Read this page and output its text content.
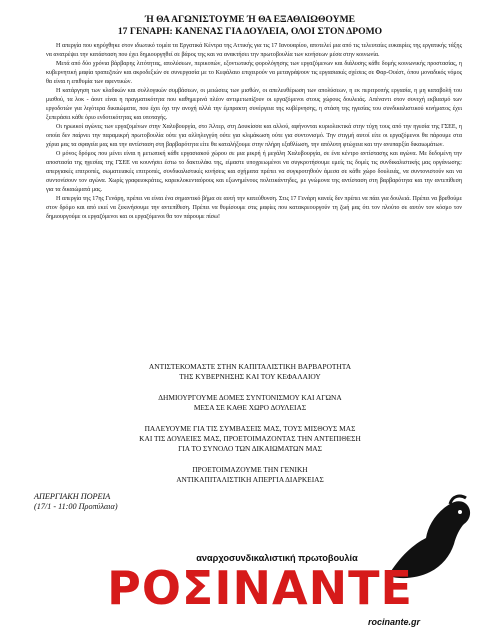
Ή ΘΑ ΑΓΩΝΙΣΤΟΥΜΕ Ή ΘΑ ΕΞΑΘΛΙΩΘΟΥΜΕ
17 ΓΕΝΑΡΗ: ΚΑΝΕΝΑΣ ΓΙΑ ΔΟΥΛΕΙΑ, ΟΛΟΙ ΣΤΟΝ ΔΡΟΜΟ

Η απεργία που κηρύχθηκε στον ιδιωτικό τομέα τα Εργατικά Κέντρα της Αττικής για τις 17 Ιανουαρίου, αποτελεί μια από τις τελευταίες ευκαιρίες της εργατικής τάξης να ανατρέψει την κατάσταση που έχει δημιουργηθεί σε βάρος της και να ανακτήσει την πρωτοβουλία των κινήσεων μέσα στην κοινωνία.

Μετά από δύο χρόνια βάρβαρης λιτότητας, απολύσεων, περικοπών, εξοντωτικής φορολόγησης των εργαζόμενων και διάλυσης κάθε δομής κοινωνικής προστασίας, η κυβερνητική μαφία τραπεζιτών και ακροδεξιών σε συνεργασία με το Κεφάλαιο επιχειρούν να μεταγράψουν τις εργασιακές σχέσεις σε Φαρ-Ουέστ, όπου μοναδικός νόμος θα είναι η επιθυμία των αφεντικών.

Η κατάργηση των κλαδικών και συλλογικών συμβάσεων, οι μειώσεις των μισθών, οι απελευθέρωση των απολύσεων, η εκ περιτροπής εργασία, η μη καταβολή του μισθού, τα λοκ - άουτ είναι η πραγματικότητα που καθημερινά πλέον αντιμετωπίζουν οι εργαζόμενοι στους χώρους δουλειάς. Απέναντι στον συνεχή εκβιασμό των εργοδοτών για λιγότερα δικαιώματα, που έχει όχι την ανοχή αλλά την έμπρακτη συνέργεια της κυβέρνησης, η στάση της ηγεσίας του συνδικαλιστικού κινήματος έχει ξεπεράσει κάθε όριο ενδοτικότητας και υποταγής.

Οι ηρωικοί αγώνες των εργαζομένων στην Χαλυβουργία, στο Άλτερ, στη Δουκίσσα και αλλού, αφήνονται κυριολεκτικά στην τύχη τους από την ηγεσία της ΓΣΕΕ, η οποία δεν παίρνει την παραμικρή πρωτοβουλία ούτε για αλληλεγγύη ούτε για κλιμάκωση ούτε για συντονισμό. Την στιγμή αυτοί είτε οι εργαζόμενοι θα πάρουμε στα χέρια μας τα σφαγεία μας και την αντίσταση στη βαρβαρότητα είτε θα καταλήξουμε στην πλήρη εξαθλίωση, την απόλυτη φτώχεια και την ανυπαρξία δικαιωμάτων.

Ο μόνος δρόμος που μένει είναι η μετωπική κάθε εργασιακού χώρου σε μια μικρή ή μεγάλη Χαλυβουργία, σε ένα κέντρο αντίστασης και αγώνα. Με δεδομένη την αποστασία της ηγεσίας της ΓΣΕΕ να κουνήσει έστω το δακτυλάκι της, είμαστε υποχρεωμένοι να συγκροτήσουμε εμείς τις δομές τις συνδικαλιστικής μας οργάνωσης: απεργιακές επιτροπές, σωματειακές επιτροπές, συνδικαλιστικές κινήσεις και σχήματα πρέπει να συγκροτηθούν άμεσα σε κάθε χώρο δουλειάς, να συντονιστούν και να συντονίσουν τον αγώνα. Χωρίς γραφειοκράτες, καρεκλοκενταύρους και εξωνημένους πολιτικάντηδες, με γνώμονα της αντίσταση στη βαρβαρότητα και την αντεπίθεση για τα δικαιώματά μας.

Η απεργία της 17ης Γενάρη, πρέπει να είναι ένα σημαντικό βήμα σε αυτή την κατεύθυνση. Στις 17 Γενάρη κανείς δεν πρέπει να πάει για δουλειά. Πρέπει να βρεθούμε στον δρόμο και από εκεί να ξεκινήσουμε την αντεπίθεση. Πρέπει να θυμίσουμε στις μαφίες που κατακρεουργούν τη ζωή μας ότι τον πλούτο σε αυτόν τον κόσμο τον δημιουργούμε οι εργαζόμενοι και οι εργαζόμενοι θα τον πάρουμε πίσω!

ΑΝΤΙΣΤΕΚΟΜΑΣΤΕ ΣΤΗΝ ΚΑΠΙΤΑΛΙΣΤΙΚΗ ΒΑΡΒΑΡΟΤΗΤΑ
ΤΗΣ ΚΥΒΕΡΝΗΣΗΣ ΚΑΙ ΤΟΥ ΚΕΦΑΛΑΙΟΥ
ΔΗΜΙΟΥΡΓΟΥΜΕ ΔΟΜΕΣ ΣΥΝΤΟΝΙΣΜΟΥ ΚΑΙ ΑΓΩΝΑ
ΜΕΣΑ ΣΕ ΚΑΘΕ ΧΩΡΟ ΔΟΥΛΕΙΑΣ
ΠΑΛΕΥΟΥΜΕ ΓΙΑ ΤΙΣ ΣΥΜΒΑΣΕΙΣ ΜΑΣ, ΤΟΥΣ ΜΙΣΘΟΥΣ ΜΑΣ
ΚΑΙ ΤΙΣ ΔΟΥΛΕΙΕΣ ΜΑΣ, ΠΡΟΕΤΟΙΜΑΖΟΝΤΑΣ ΤΗΝ ΑΝΤΕΠΙΘΕΣΗ
ΓΙΑ ΤΟ ΣΥΝΟΛΟ ΤΩΝ ΔΙΚΑΙΩΜΑΤΩΝ ΜΑΣ
ΠΡΟΕΤΟΙΜΑΖΟΥΜΕ ΤΗΝ ΓΕΝΙΚΗ
ΑΝΤΙΚΑΠΙΤΑΛΙΣΤΙΚΗ ΑΠΕΡΓΙΑ ΔΙΑΡΚΕΙΑΣ
ΑΠΕΡΓΙΑΚΗ ΠΟΡΕΙΑ
(17/1 - 11:00 Προπύλαια)
αναρχοσυνδικαλιστική πρωτοβουλία
ΡΟΣΙΝΑΝΤΕ
rocinante.gr
